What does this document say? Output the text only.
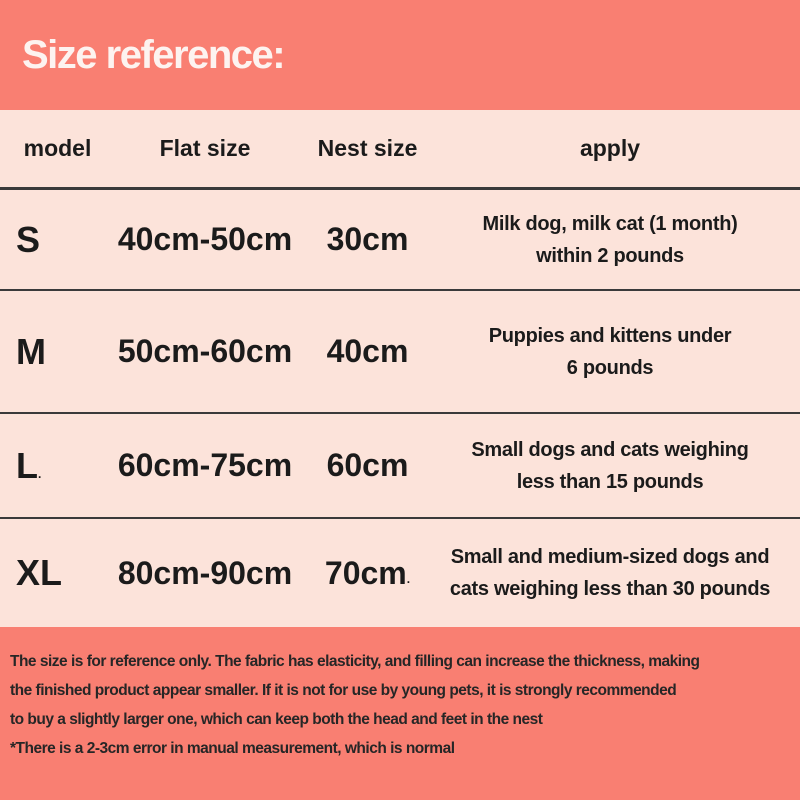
Size reference:
model	Flat size	Nest size	apply
S 40cm-50cm 30cm	Milk dog, milk cat (1 month)
within 2 pounds
M 50cm-60cm 40cm	Puppies and kittens under
6 pounds
L . 60cm-75cm 60cm	Small dogs and cats weighing
less than 15 pounds
XL 80cm-90cm 70cm .
Small and medium-sized dogs and
cats weighing less than 30 pounds
The size is for reference only. The fabric has elasticity, and filling can increase the thickness, making
the finished product appear smaller. If it is not for use by young pets, it is strongly recommended
to buy a slightly larger one, which can keep both the head and feet in the nest
*There is a 2-3cm error in manual measurement, which is normal
